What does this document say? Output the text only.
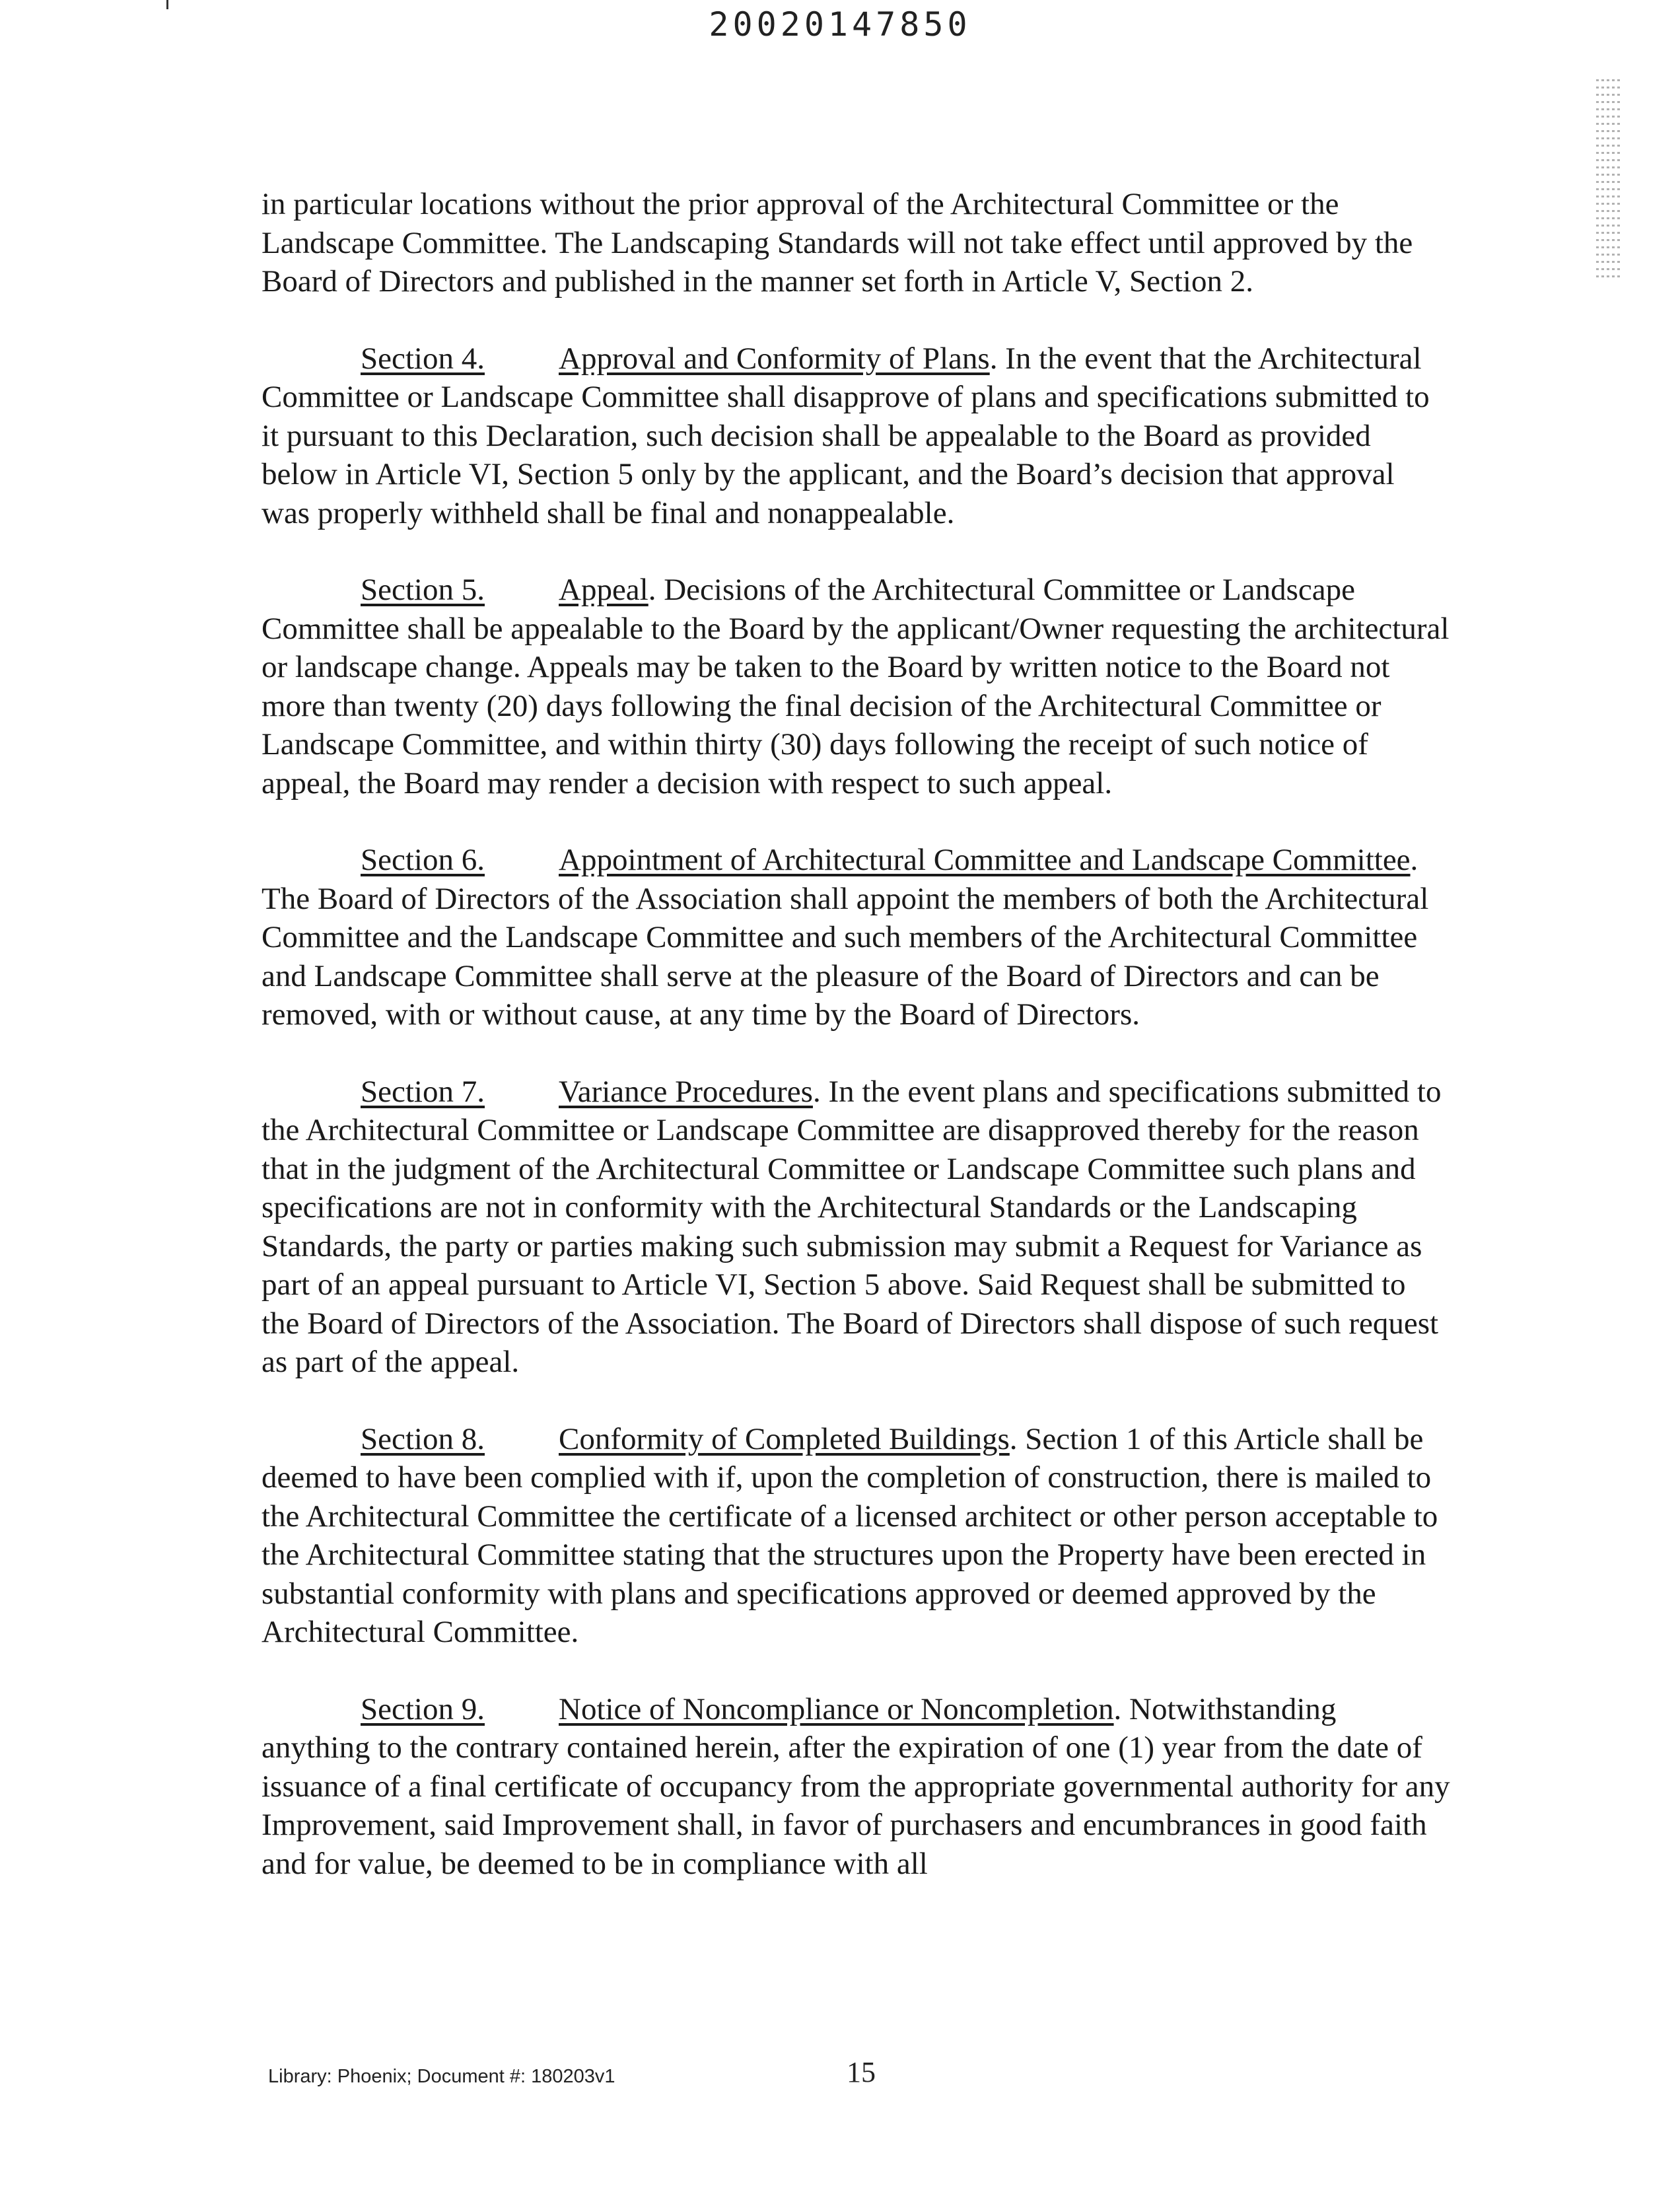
20020147850

in particular locations without the prior approval of the Architectural Committee or the Landscape Committee. The Landscaping Standards will not take effect until approved by the Board of Directors and published in the manner set forth in Article V, Section 2.

Section 4. Approval and Conformity of Plans. In the event that the Architectural Committee or Landscape Committee shall disapprove of plans and specifications submitted to it pursuant to this Declaration, such decision shall be appealable to the Board as provided below in Article VI, Section 5 only by the applicant, and the Board’s decision that approval was properly withheld shall be final and nonappealable.

Section 5. Appeal. Decisions of the Architectural Committee or Landscape Committee shall be appealable to the Board by the applicant/Owner requesting the architectural or landscape change. Appeals may be taken to the Board by written notice to the Board not more than twenty (20) days following the final decision of the Architectural Committee or Landscape Committee, and within thirty (30) days following the receipt of such notice of appeal, the Board may render a decision with respect to such appeal.

Section 6. Appointment of Architectural Committee and Landscape Committee. The Board of Directors of the Association shall appoint the members of both the Architectural Committee and the Landscape Committee and such members of the Architectural Committee and Landscape Committee shall serve at the pleasure of the Board of Directors and can be removed, with or without cause, at any time by the Board of Directors.

Section 7. Variance Procedures. In the event plans and specifications submitted to the Architectural Committee or Landscape Committee are disapproved thereby for the reason that in the judgment of the Architectural Committee or Landscape Committee such plans and specifications are not in conformity with the Architectural Standards or the Landscaping Standards, the party or parties making such submission may submit a Request for Variance as part of an appeal pursuant to Article VI, Section 5 above. Said Request shall be submitted to the Board of Directors of the Association. The Board of Directors shall dispose of such request as part of the appeal.

Section 8. Conformity of Completed Buildings. Section 1 of this Article shall be deemed to have been complied with if, upon the completion of construction, there is mailed to the Architectural Committee the certificate of a licensed architect or other person acceptable to the Architectural Committee stating that the structures upon the Property have been erected in substantial conformity with plans and specifications approved or deemed approved by the Architectural Committee.

Section 9. Notice of Noncompliance or Noncompletion. Notwithstanding anything to the contrary contained herein, after the expiration of one (1) year from the date of issuance of a final certificate of occupancy from the appropriate governmental authority for any Improvement, said Improvement shall, in favor of purchasers and encumbrances in good faith and for value, be deemed to be in compliance with all

Library: Phoenix; Document #: 180203v1	15
